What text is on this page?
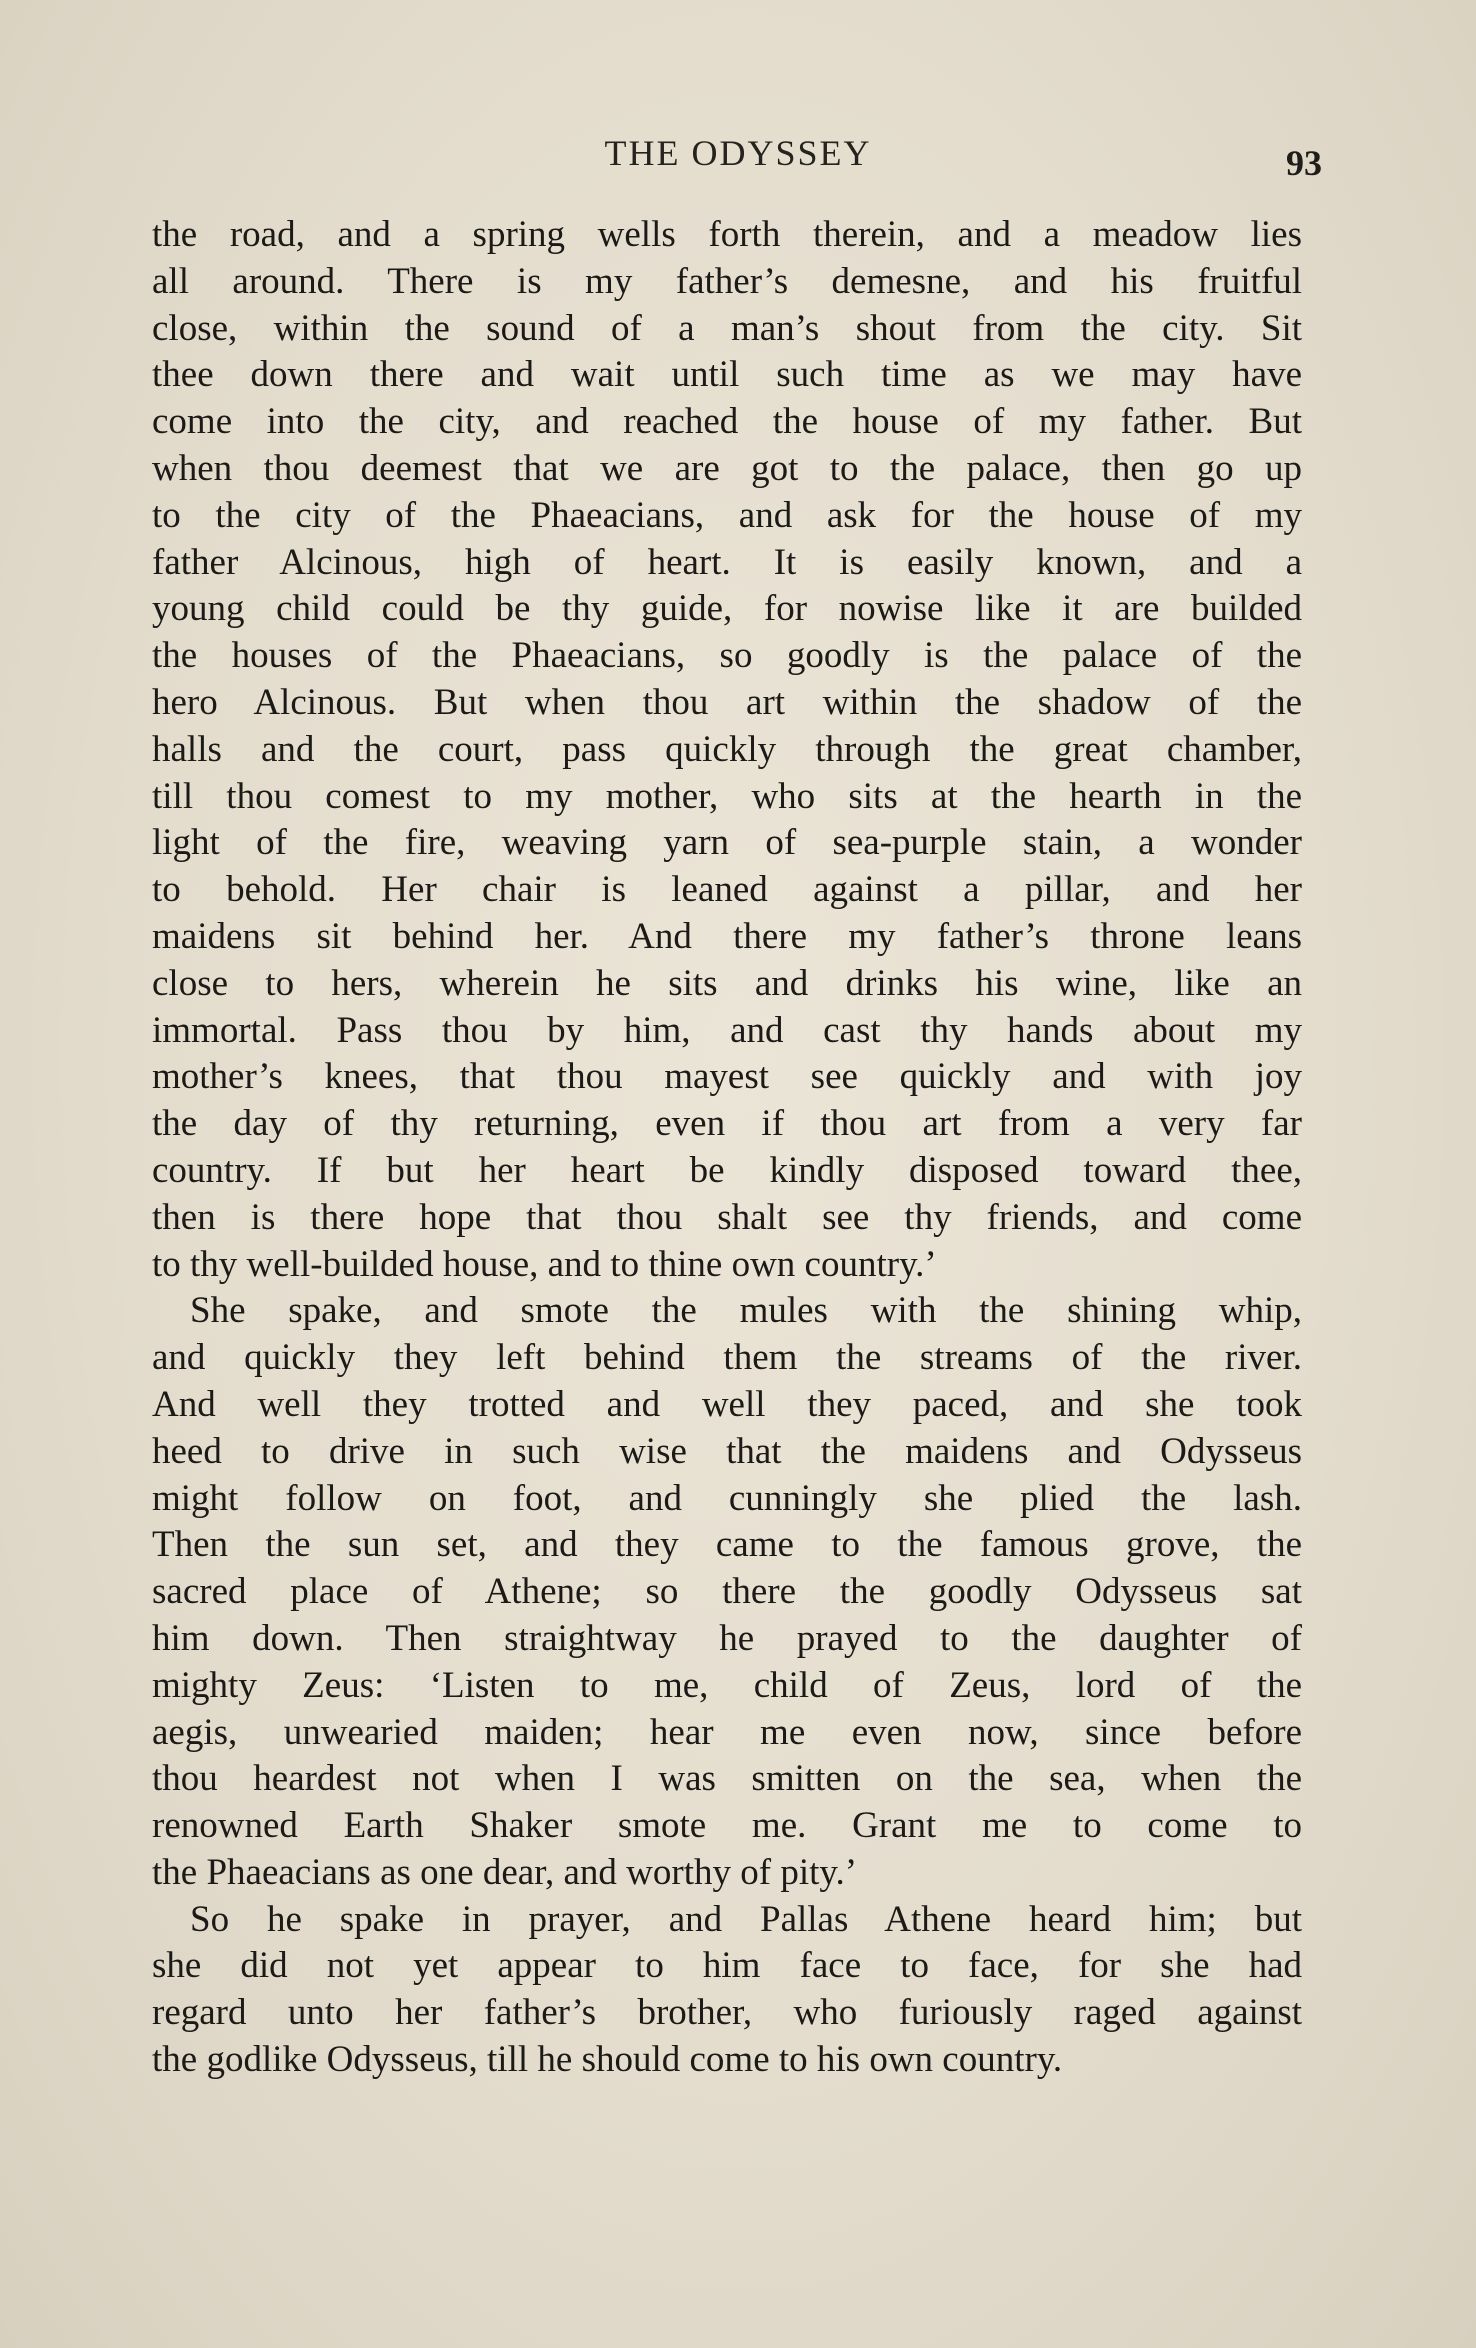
THE ODYSSEY	93
the road, and a spring wells forth therein, and a meadow lies
all around. There is my father’s demesne, and his fruitful
close, within the sound of a man’s shout from the city. Sit
thee down there and wait until such time as we may have
come into the city, and reached the house of my father. But
when thou deemest that we are got to the palace, then go up
to the city of the Phaeacians, and ask for the house of my
father Alcinous, high of heart. It is easily known, and a
young child could be thy guide, for nowise like it are builded
the houses of the Phaeacians, so goodly is the palace of the
hero Alcinous. But when thou art within the shadow of the
halls and the court, pass quickly through the great chamber,
till thou comest to my mother, who sits at the hearth in the
light of the fire, weaving yarn of sea-purple stain, a wonder
to behold. Her chair is leaned against a pillar, and her
maidens sit behind her. And there my father’s throne leans
close to hers, wherein he sits and drinks his wine, like an
immortal. Pass thou by him, and cast thy hands about my
mother’s knees, that thou mayest see quickly and with joy
the day of thy returning, even if thou art from a very far
country. If but her heart be kindly disposed toward thee,
then is there hope that thou shalt see thy friends, and come
to thy well-builded house, and to thine own country.’
She spake, and smote the mules with the shining whip,
and quickly they left behind them the streams of the river.
And well they trotted and well they paced, and she took
heed to drive in such wise that the maidens and Odysseus
might follow on foot, and cunningly she plied the lash.
Then the sun set, and they came to the famous grove, the
sacred place of Athene; so there the goodly Odysseus sat
him down. Then straightway he prayed to the daughter of
mighty Zeus: ‘Listen to me, child of Zeus, lord of the
aegis, unwearied maiden; hear me even now, since before
thou heardest not when I was smitten on the sea, when the
renowned Earth Shaker smote me. Grant me to come to
the Phaeacians as one dear, and worthy of pity.’
So he spake in prayer, and Pallas Athene heard him; but
she did not yet appear to him face to face, for she had
regard unto her father’s brother, who furiously raged against
the godlike Odysseus, till he should come to his own country.
